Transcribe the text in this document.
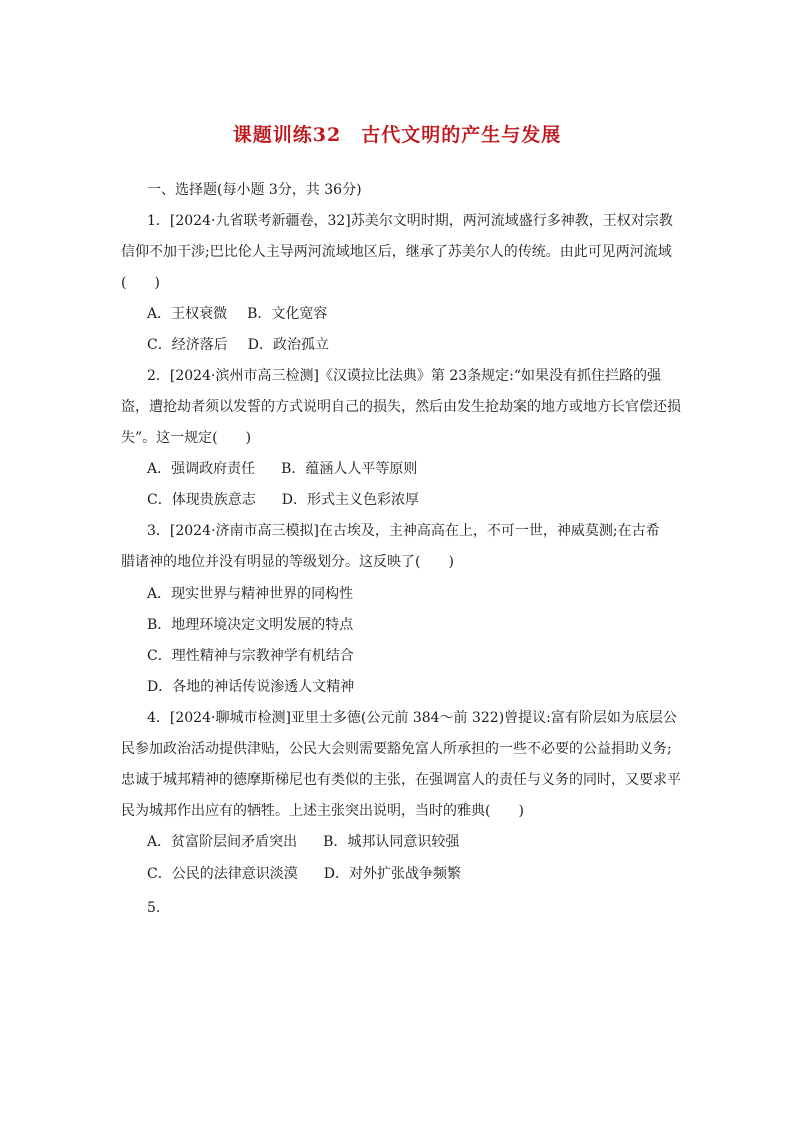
课题训练32　古代文明的产生与发展
一、选择题(每小题 3分，共 36分)
1．[2024·九省联考新疆卷，32]苏美尔文明时期，两河流域盛行多神教，王权对宗教
信仰不加干涉;巴比伦人主导两河流域地区后，继承了苏美尔人的传统。由此可见两河流域
(　　)
A．王权衰微 B．文化宽容
C．经济落后 D．政治孤立
2．[2024·滨州市高三检测]《汉谟拉比法典》第 23条规定:“如果没有抓住拦路的强
盗，遭抢劫者须以发誓的方式说明自己的损失，然后由发生抢劫案的地方或地方长官偿还损
失”。这一规定(　　)
A．强调政府责任 B．蕴涵人人平等原则
C．体现贵族意志 D．形式主义色彩浓厚
3．[2024·济南市高三模拟]在古埃及，主神高高在上，不可一世，神威莫测;在古希
腊诸神的地位并没有明显的等级划分。这反映了(　　)
A．现实世界与精神世界的同构性
B．地理环境决定文明发展的特点
C．理性精神与宗教神学有机结合
D．各地的神话传说渗透人文精神
4．[2024·聊城市检测]亚里士多德(公元前 384～前 322)曾提议:富有阶层如为底层公
民参加政治活动提供津贴，公民大会则需要豁免富人所承担的一些不必要的公益捐助义务;
忠诚于城邦精神的德摩斯梯尼也有类似的主张，在强调富人的责任与义务的同时，又要求平
民为城邦作出应有的牺牲。上述主张突出说明，当时的雅典(　　)
A．贫富阶层间矛盾突出 B．城邦认同意识较强
C．公民的法律意识淡漠 D．对外扩张战争频繁
5.
